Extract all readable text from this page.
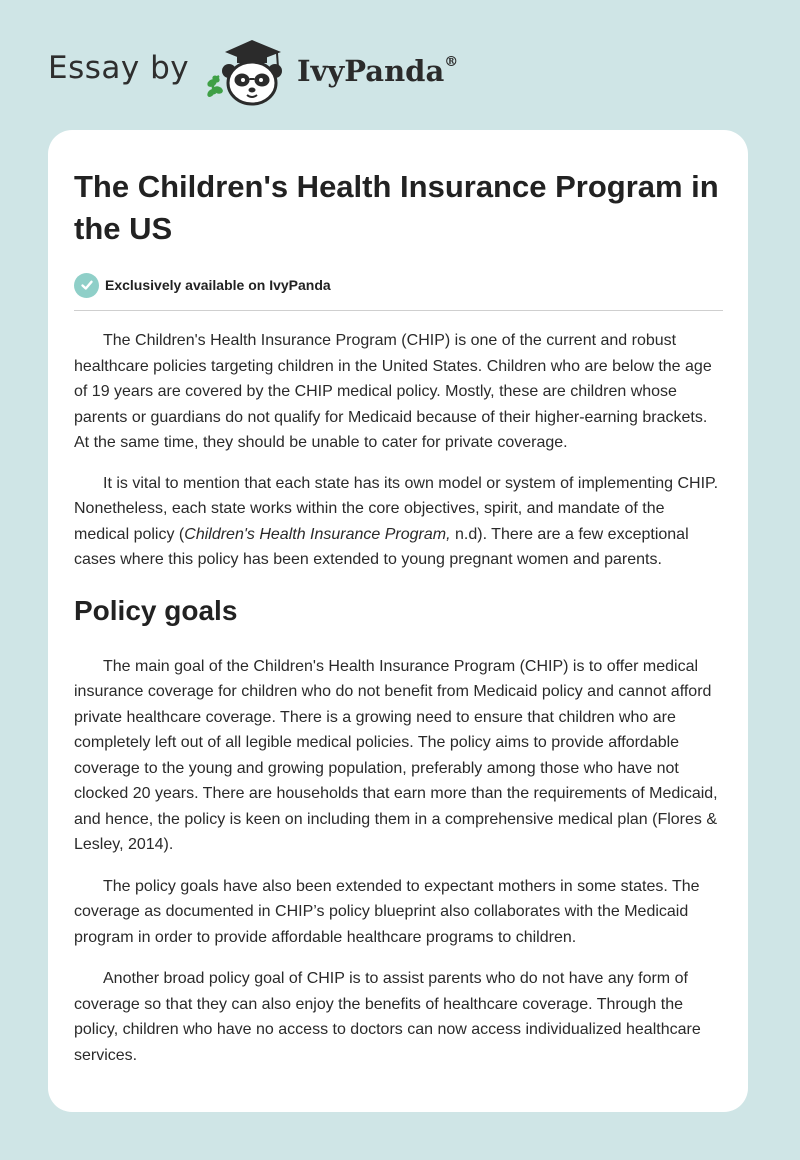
Essay by	IvyPanda®
The Children's Health Insurance Program in the US
Exclusively available on IvyPanda

The Children's Health Insurance Program (CHIP) is one of the current and robust healthcare policies targeting children in the United States. Children who are below the age of 19 years are covered by the CHIP medical policy. Mostly, these are children whose parents or guardians do not qualify for Medicaid because of their higher-earning brackets. At the same time, they should be unable to cater for private coverage.

It is vital to mention that each state has its own model or system of implementing CHIP. Nonetheless, each state works within the core objectives, spirit, and mandate of the medical policy (Children's Health Insurance Program, n.d). There are a few exceptional cases where this policy has been extended to young pregnant women and parents.

Policy goals

The main goal of the Children's Health Insurance Program (CHIP) is to offer medical insurance coverage for children who do not benefit from Medicaid policy and cannot afford private healthcare coverage. There is a growing need to ensure that children who are completely left out of all legible medical policies. The policy aims to provide affordable coverage to the young and growing population, preferably among those who have not clocked 20 years. There are households that earn more than the requirements of Medicaid, and hence, the policy is keen on including them in a comprehensive medical plan (Flores & Lesley, 2014).

The policy goals have also been extended to expectant mothers in some states. The coverage as documented in CHIP’s policy blueprint also collaborates with the Medicaid program in order to provide affordable healthcare programs to children.

Another broad policy goal of CHIP is to assist parents who do not have any form of coverage so that they can also enjoy the benefits of healthcare coverage. Through the policy, children who have no access to doctors can now access individualized healthcare services.
